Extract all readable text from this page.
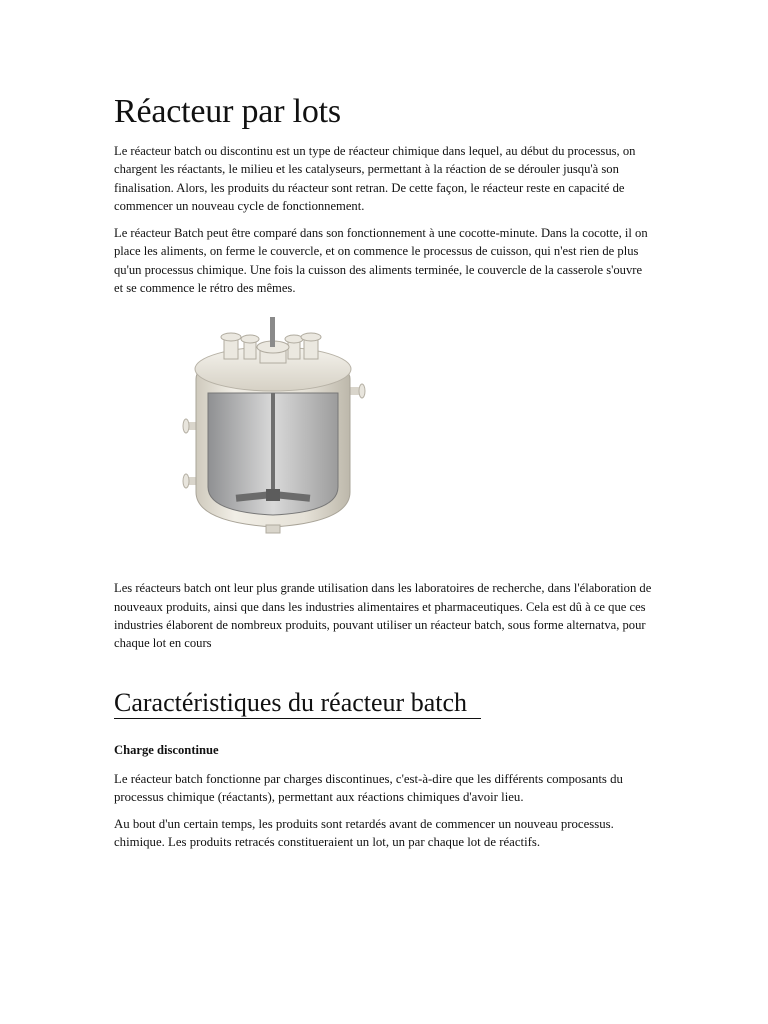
Réacteur par lots

Le réacteur batch ou discontinu est un type de réacteur chimique dans lequel, au début du processus, on chargent les réactants, le milieu et les catalyseurs, permettant à la réaction de se dérouler jusqu'à son finalisation. Alors, les produits du réacteur sont retran. De cette façon, le réacteur reste en capacité de commencer un nouveau cycle de fonctionnement.

Le réacteur Batch peut être comparé dans son fonctionnement à une cocotte-minute. Dans la cocotte, il on place les aliments, on ferme le couvercle, et on commence le processus de cuisson, qui n'est rien de plus qu'un processus chimique. Une fois la cuisson des aliments terminée, le couvercle de la casserole s'ouvre et se commence le rétro des mêmes.

Les réacteurs batch ont leur plus grande utilisation dans les laboratoires de recherche, dans l'élaboration de nouveaux produits, ainsi que dans les industries alimentaires et pharmaceutiques. Cela est dû à ce que ces industries élaborent de nombreux produits, pouvant utiliser un réacteur batch, sous forme alternatva, pour chaque lot en cours

Caractéristiques du réacteur batch
Charge discontinue

Le réacteur batch fonctionne par charges discontinues, c'est-à-dire que les différents composants du processus chimique (réactants), permettant aux réactions chimiques d'avoir lieu.

Au bout d'un certain temps, les produits sont retardés avant de commencer un nouveau processus. chimique. Les produits retracés constitueraient un lot, un par chaque lot de réactifs.
